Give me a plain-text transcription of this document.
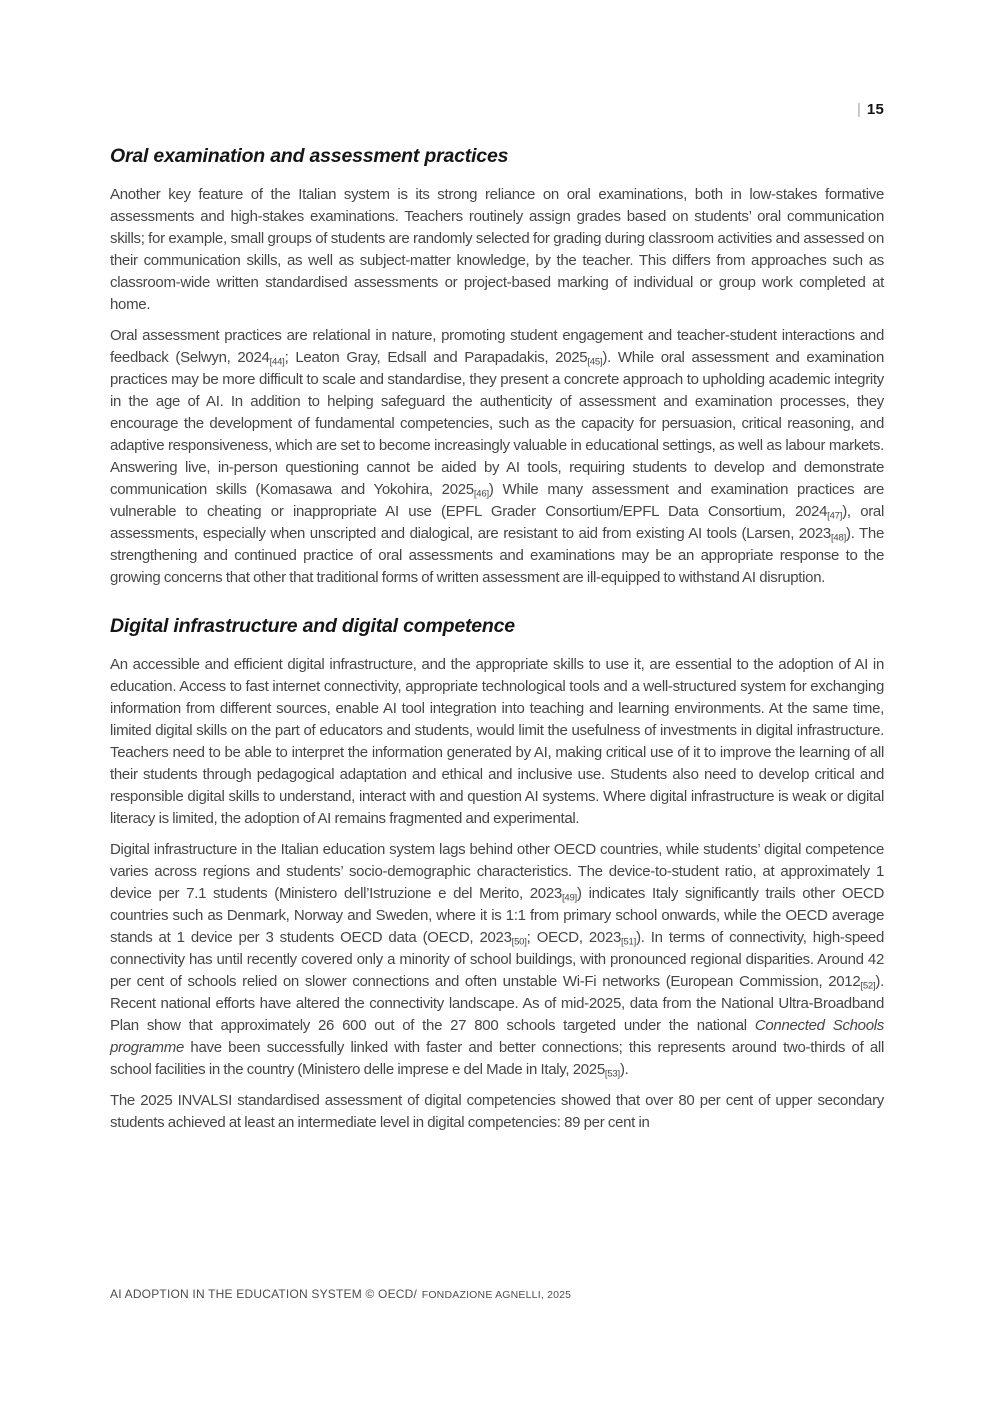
| 15
Oral examination and assessment practices

Another key feature of the Italian system is its strong reliance on oral examinations, both in low-stakes formative assessments and high-stakes examinations. Teachers routinely assign grades based on students’ oral communication skills; for example, small groups of students are randomly selected for grading during classroom activities and assessed on their communication skills, as well as subject-matter knowledge, by the teacher. This differs from approaches such as classroom-wide written standardised assessments or project-based marking of individual or group work completed at home.

Oral assessment practices are relational in nature, promoting student engagement and teacher-student interactions and feedback (Selwyn, $2024_{[44]}$; Leaton Gray, Edsall and Parapadakis, $2025_{[45]}$). While oral assessment and examination practices may be more difficult to scale and standardise, they present a concrete approach to upholding academic integrity in the age of AI. In addition to helping safeguard the authenticity of assessment and examination processes, they encourage the development of fundamental competencies, such as the capacity for persuasion, critical reasoning, and adaptive responsiveness, which are set to become increasingly valuable in educational settings, as well as labour markets. Answering live, in-person questioning cannot be aided by AI tools, requiring students to develop and demonstrate communication skills (Komasawa and Yokohira, $2025_{[46]}$) While many assessment and examination practices are vulnerable to cheating or inappropriate AI use (EPFL Grader Consortium/EPFL Data Consortium, $2024_{[47]}$), oral assessments, especially when unscripted and dialogical, are resistant to aid from existing AI tools (Larsen, $2023_{[48]}$). The strengthening and continued practice of oral assessments and examinations may be an appropriate response to the growing concerns that other that traditional forms of written assessment are ill-equipped to withstand AI disruption.

Digital infrastructure and digital competence

An accessible and efficient digital infrastructure, and the appropriate skills to use it, are essential to the adoption of AI in education. Access to fast internet connectivity, appropriate technological tools and a well-structured system for exchanging information from different sources, enable AI tool integration into teaching and learning environments. At the same time, limited digital skills on the part of educators and students, would limit the usefulness of investments in digital infrastructure. Teachers need to be able to interpret the information generated by AI, making critical use of it to improve the learning of all their students through pedagogical adaptation and ethical and inclusive use. Students also need to develop critical and responsible digital skills to understand, interact with and question AI systems. Where digital infrastructure is weak or digital literacy is limited, the adoption of AI remains fragmented and experimental.

Digital infrastructure in the Italian education system lags behind other OECD countries, while students’ digital competence varies across regions and students’ socio-demographic characteristics. The device-to-student ratio, at approximately 1 device per 7.1 students (Ministero dell’Istruzione e del Merito, $2023_{[49]}$) indicates Italy significantly trails other OECD countries such as Denmark, Norway and Sweden, where it is 1:1 from primary school onwards, while the OECD average stands at 1 device per 3 students OECD data (OECD, $2023_{[50]}$; OECD, $2023_{[51]}$). In terms of connectivity, high-speed connectivity has until recently covered only a minority of school buildings, with pronounced regional disparities. Around 42 per cent of schools relied on slower connections and often unstable Wi-Fi networks (European Commission, $2012_{[52]}$). Recent national efforts have altered the connectivity landscape. As of mid-2025, data from the National Ultra-Broadband Plan show that approximately 26 600 out of the 27 800 schools targeted under the national Connected Schools programme have been successfully linked with faster and better connections; this represents around two-thirds of all school facilities in the country (Ministero delle imprese e del Made in Italy, $2025_{[53]}$).

The 2025 INVALSI standardised assessment of digital competencies showed that over 80 per cent of upper secondary students achieved at least an intermediate level in digital competencies: 89 per cent in

AI ADOPTION IN THE EDUCATION SYSTEM © OECD/ FONDAZIONE AGNELLI, 2025
